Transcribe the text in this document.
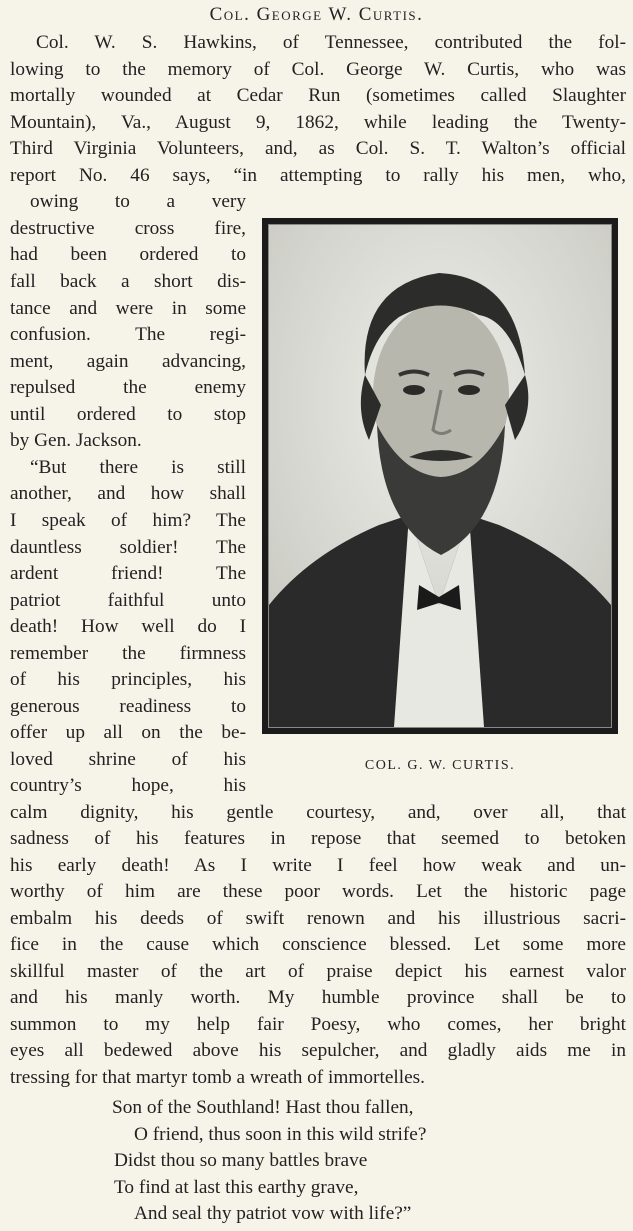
Col. George W. Curtis.
Col. W. S. Hawkins, of Tennessee, contributed the fol-
lowing to the memory of Col. George W. Curtis, who was
mortally wounded at Cedar Run (sometimes called Slaughter
Mountain), Va., August 9, 1862, while leading the Twenty-
Third Virginia Volunteers, and, as Col. S. T. Walton’s official
report No. 46 says, “in attempting to rally his men, who,
owing to a very
destructive cross fire,
had been ordered to
fall back a short dis-
tance and were in some
confusion. The regi-
ment, again advancing,
repulsed the enemy
until ordered to stop
by Gen. Jackson.
“But there is still
another, and how shall
I speak of him? The
dauntless soldier! The
ardent friend! The
patriot faithful unto
death! How well do I
remember the firmness
of his principles, his
generous readiness to
offer up all on the be-
loved shrine of his
country’s hope, his
COL. G. W. CURTIS.
calm dignity, his gentle courtesy, and, over all, that
sadness of his features in repose that seemed to betoken
his early death! As I write I feel how weak and un-
worthy of him are these poor words. Let the historic page
embalm his deeds of swift renown and his illustrious sacri-
fice in the cause which conscience blessed. Let some more
skillful master of the art of praise depict his earnest valor
and his manly worth. My humble province shall be to
summon to my help fair Poesy, who comes, her bright
eyes all bedewed above his sepulcher, and gladly aids me in
tressing for that martyr tomb a wreath of immortelles.
Son of the Southland! Hast thou fallen,
O friend, thus soon in this wild strife?
Didst thou so many battles brave
To find at last this earthy grave,
And seal thy patriot vow with life?”
